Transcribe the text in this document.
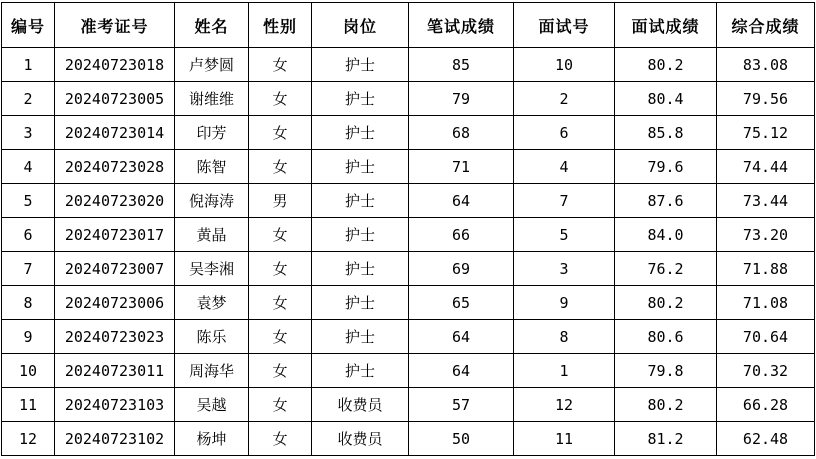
编号	准考证号	姓名	性别	岗位	笔试成绩	面试号	面试成绩	综合成绩
1	20240723018	卢梦圆	女	护士	85	10	80.2	83.08
2	20240723005	谢维维	女	护士	79	2	80.4	79.56
3	20240723014	印芳	女	护士	68	6	85.8	75.12
4	20240723028	陈智	女	护士	71	4	79.6	74.44
5	20240723020	倪海涛	男	护士	64	7	87.6	73.44
6	20240723017	黄晶	女	护士	66	5	84.0	73.20
7	20240723007	吴李湘	女	护士	69	3	76.2	71.88
8	20240723006	袁梦	女	护士	65	9	80.2	71.08
9	20240723023	陈乐	女	护士	64	8	80.6	70.64
10	20240723011	周海华	女	护士	64	1	79.8	70.32
11	20240723103	吴越	女	收费员	57	12	80.2	66.28
12	20240723102	杨坤	女	收费员	50	11	81.2	62.48
